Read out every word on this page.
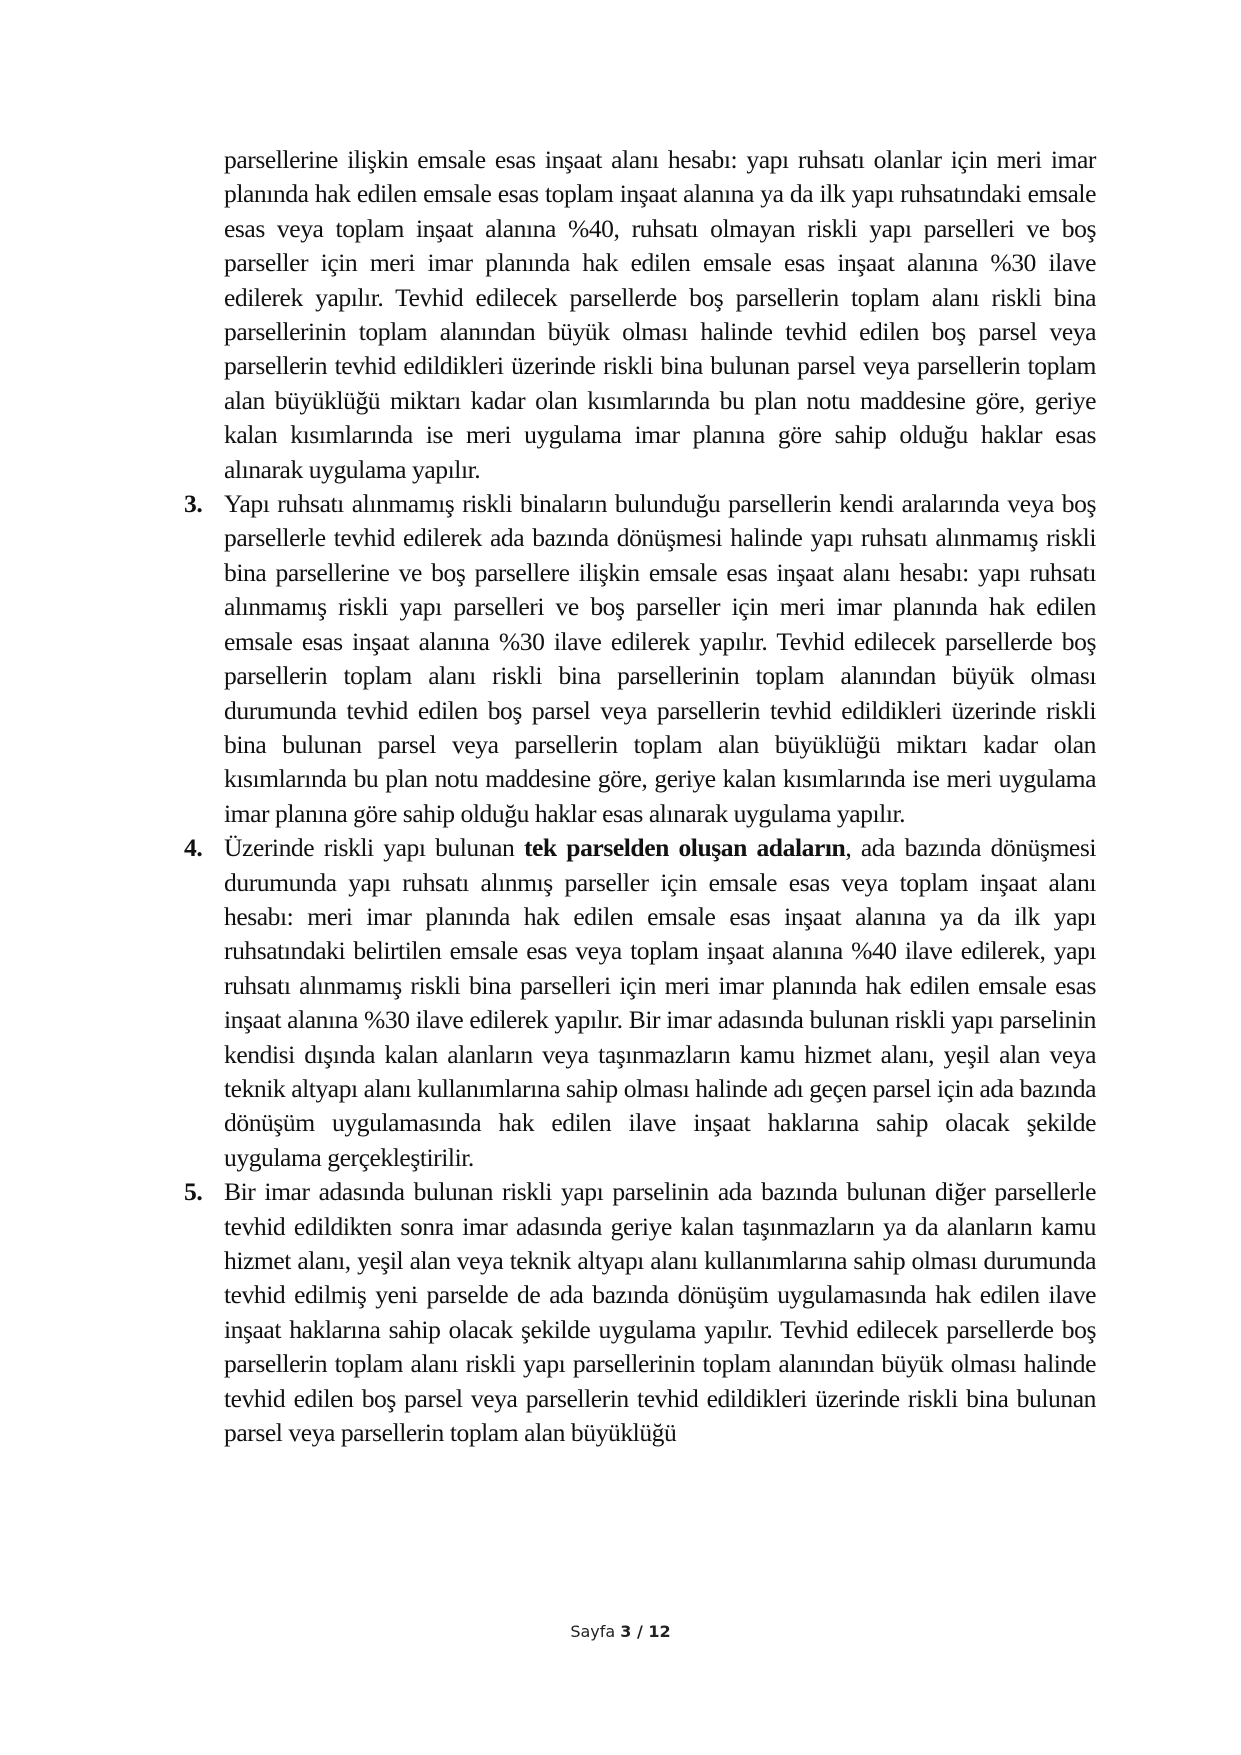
parsellerine ilişkin emsale esas inşaat alanı hesabı: yapı ruhsatı olanlar için meri imar planında hak edilen emsale esas toplam inşaat alanına ya da ilk yapı ruhsatındaki emsale esas veya toplam inşaat alanına %40, ruhsatı olmayan riskli yapı parselleri ve boş parseller için meri imar planında hak edilen emsale esas inşaat alanına %30 ilave edilerek yapılır. Tevhid edilecek parsellerde boş parsellerin toplam alanı riskli bina parsellerinin toplam alanından büyük olması halinde tevhid edilen boş parsel veya parsellerin tevhid edildikleri üzerinde riskli bina bulunan parsel veya parsellerin toplam alan büyüklüğü miktarı kadar olan kısımlarında bu plan notu maddesine göre, geriye kalan kısımlarında ise meri uygulama imar planına göre sahip olduğu haklar esas alınarak uygulama yapılır.

3. Yapı ruhsatı alınmamış riskli binaların bulunduğu parsellerin kendi aralarında veya boş parsellerle tevhid edilerek ada bazında dönüşmesi halinde yapı ruhsatı alınmamış riskli bina parsellerine ve boş parsellere ilişkin emsale esas inşaat alanı hesabı: yapı ruhsatı alınmamış riskli yapı parselleri ve boş parseller için meri imar planında hak edilen emsale esas inşaat alanına %30 ilave edilerek yapılır. Tevhid edilecek parsellerde boş parsellerin toplam alanı riskli bina parsellerinin toplam alanından büyük olması durumunda tevhid edilen boş parsel veya parsellerin tevhid edildikleri üzerinde riskli bina bulunan parsel veya parsellerin toplam alan büyüklüğü miktarı kadar olan kısımlarında bu plan notu maddesine göre, geriye kalan kısımlarında ise meri uygulama imar planına göre sahip olduğu haklar esas alınarak uygulama yapılır.
4. Üzerinde riskli yapı bulunan tek parselden oluşan adaların, ada bazında dönüşmesi durumunda yapı ruhsatı alınmış parseller için emsale esas veya toplam inşaat alanı hesabı: meri imar planında hak edilen emsale esas inşaat alanına ya da ilk yapı ruhsatındaki belirtilen emsale esas veya toplam inşaat alanına %40 ilave edilerek, yapı ruhsatı alınmamış riskli bina parselleri için meri imar planında hak edilen emsale esas inşaat alanına %30 ilave edilerek yapılır. Bir imar adasında bulunan riskli yapı parselinin kendisi dışında kalan alanların veya taşınmazların kamu hizmet alanı, yeşil alan veya teknik altyapı alanı kullanımlarına sahip olması halinde adı geçen parsel için ada bazında dönüşüm uygulamasında hak edilen ilave inşaat haklarına sahip olacak şekilde uygulama gerçekleştirilir.
5. Bir imar adasında bulunan riskli yapı parselinin ada bazında bulunan diğer parsellerle tevhid edildikten sonra imar adasında geriye kalan taşınmazların ya da alanların kamu hizmet alanı, yeşil alan veya teknik altyapı alanı kullanımlarına sahip olması durumunda tevhid edilmiş yeni parselde de ada bazında dönüşüm uygulamasında hak edilen ilave inşaat haklarına sahip olacak şekilde uygulama yapılır. Tevhid edilecek parsellerde boş parsellerin toplam alanı riskli yapı parsellerinin toplam alanından büyük olması halinde tevhid edilen boş parsel veya parsellerin tevhid edildikleri üzerinde riskli bina bulunan parsel veya parsellerin toplam alan büyüklüğü
Sayfa 3 / 12
